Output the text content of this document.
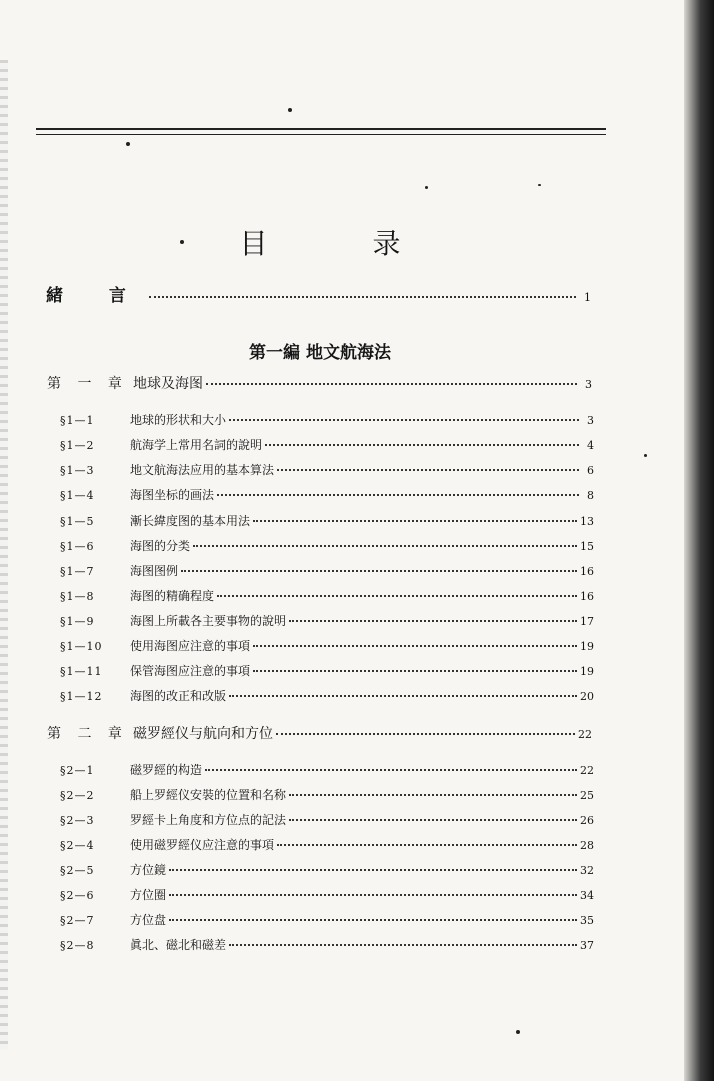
目 录
緒 言	1
第一編 地文航海法
第 一 章 地球及海图	3
§1—1	地球的形状和大小	3
§1—2	航海学上常用名詞的說明	4
§1—3	地文航海法应用的基本算法	6
§1—4	海图坐标的画法	8
§1—5	漸长緯度图的基本用法	13
§1—6	海图的分类	15
§1—7	海图图例	16
§1—8	海图的精确程度	16
§1—9	海图上所載各主要事物的說明	17
§1—10	使用海图应注意的事項	19
§1—11	保管海图应注意的事項	19
§1—12	海图的改正和改版	20
第 二 章 磁罗經仪与航向和方位	22
§2—1	磁罗經的构造	22
§2—2	船上罗經仪安裝的位置和名称	25
§2—3	罗經卡上角度和方位点的記法	26
§2—4	使用磁罗經仪应注意的事項	28
§2—5	方位鏡	32
§2—6	方位圈	34
§2—7	方位盘	35
§2—8	眞北、磁北和磁差	37
